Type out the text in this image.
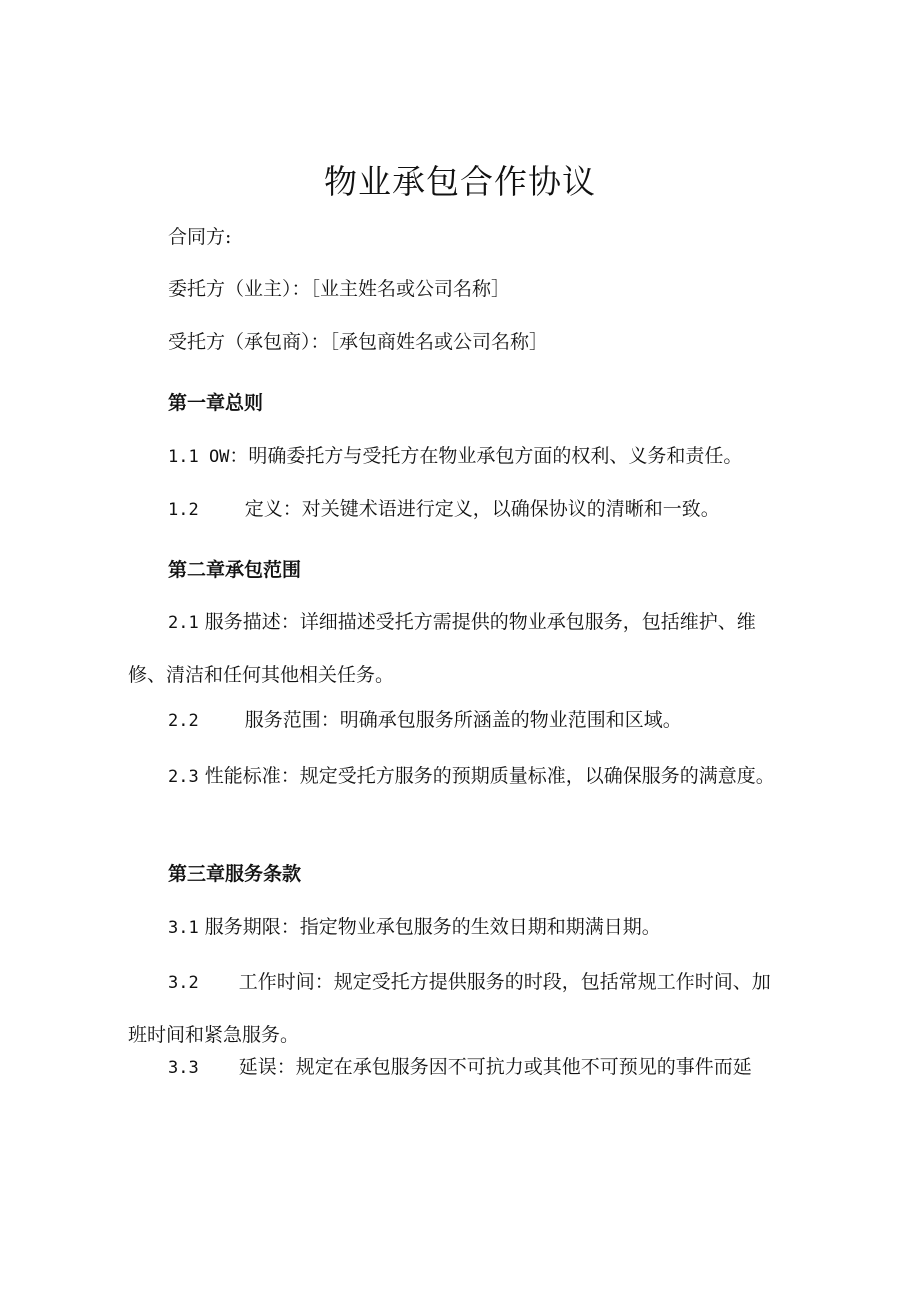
物业承包合作协议
合同方:
委托方（业主）：［业主姓名或公司名称］
受托方（承包商）：［承包商姓名或公司名称］
第一章总则
1.1 OW：明确委托方与受托方在物业承包方面的权利、义务和责任。
1.2 定义：对关键术语进行定义，以确保协议的清晰和一致。
第二章承包范围
2.1 服务描述：详细描述受托方需提供的物业承包服务，包括维护、维修、清洁和任何其他相关任务。
2.2 服务范围：明确承包服务所涵盖的物业范围和区域。
2.3 性能标准：规定受托方服务的预期质量标准，以确保服务的满意度。
第三章服务条款
3.1 服务期限：指定物业承包服务的生效日期和期满日期。
3.2 工作时间：规定受托方提供服务的时段，包括常规工作时间、加班时间和紧急服务。
3.3 延误：规定在承包服务因不可抗力或其他不可预见的事件而延
